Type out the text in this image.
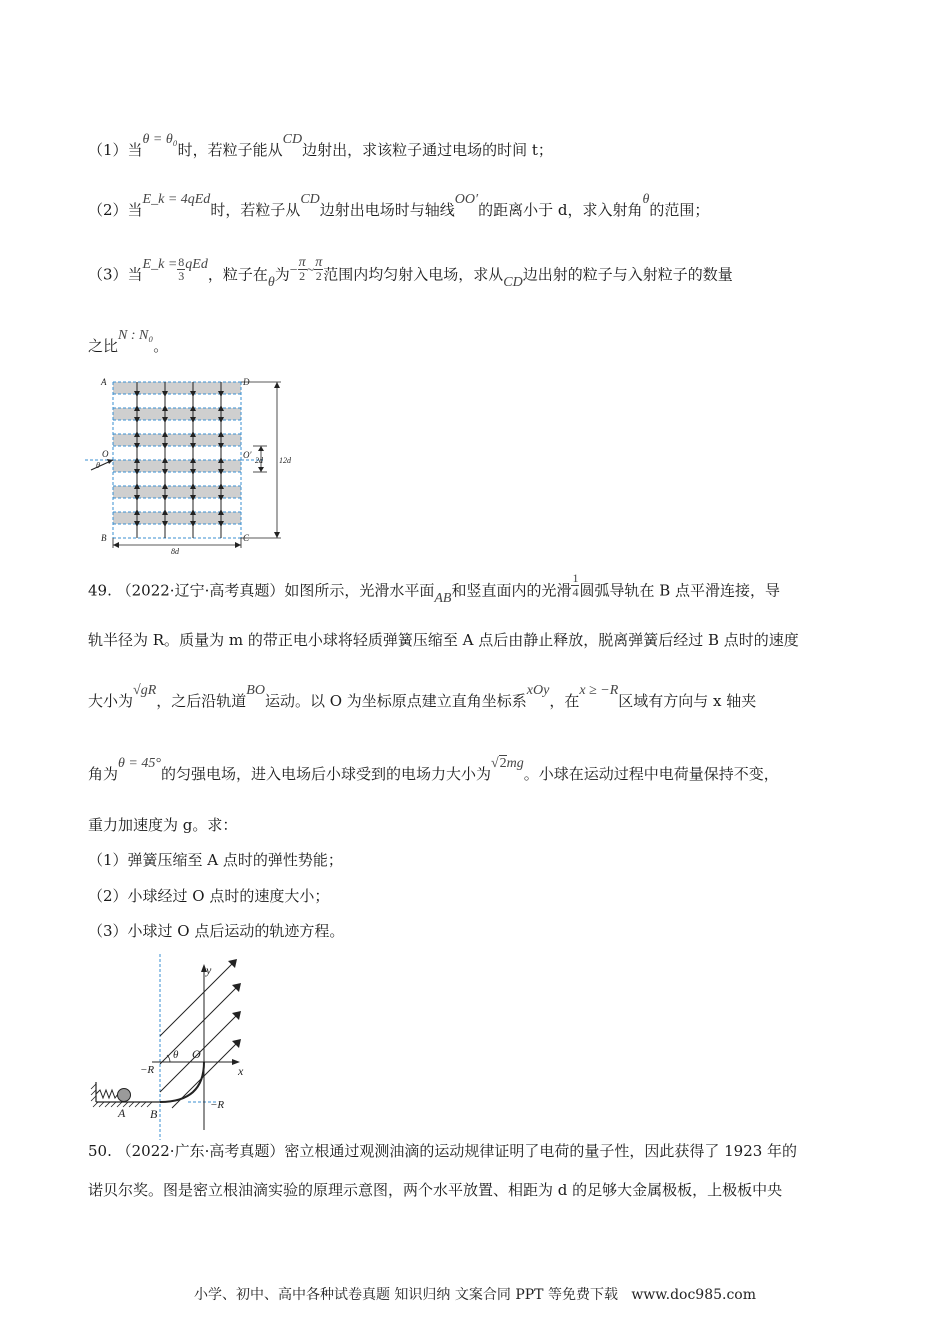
（1）当θ = θ₀时，若粒子能从CD边射出，求该粒子通过电场的时间 t；
（2）当E_k = 4qEd时，若粒子从CD边射出电场时与轴线OO′的距离小于 d，求入射角θ的范围；
（3）当E_k = $\frac{8}{3}$ qEd，粒子在θ为− $\frac{\pi}{2}$ ~ $\frac{\pi}{2}$ 范围内均匀射入电场，求从CD边出射的粒子与入射粒子的数量
之比N : N₀。
A	D
O
θ
O′
2d 12d
B	C
8d
49. （2022·辽宁·高考真题）如图所示，光滑水平面AB和竖直面内的光滑 $\frac{1}{4}$ 圆弧导轨在 B 点平滑连接，导
轨半径为 R。质量为 m 的带正电小球将轻质弹簧压缩至 A 点后由静止释放，脱离弹簧后经过 B 点时的速度
大小为√gR，之后沿轨道BO运动。以 O 为坐标原点建立直角坐标系xOy，在x ≥ −R区域有方向与 x 轴夹
角为θ = 45°的匀强电场，进入电场后小球受到的电场力大小为√2mg。小球在运动过程中电荷量保持不变，
重力加速度为 g。求：
（1）弹簧压缩至 A 点时的弹性势能；
（2）小球经过 O 点时的速度大小；
（3）小球过 O 点后运动的轨迹方程。
y
x
θ O
−R
−R
A B
50. （2022·广东·高考真题）密立根通过观测油滴的运动规律证明了电荷的量子性，因此获得了 1923 年的
诺贝尔奖。图是密立根油滴实验的原理示意图，两个水平放置、相距为 d 的足够大金属极板，上极板中央
小学、初中、高中各种试卷真题 知识归纳 文案合同 PPT 等免费下载 www.doc985.com
